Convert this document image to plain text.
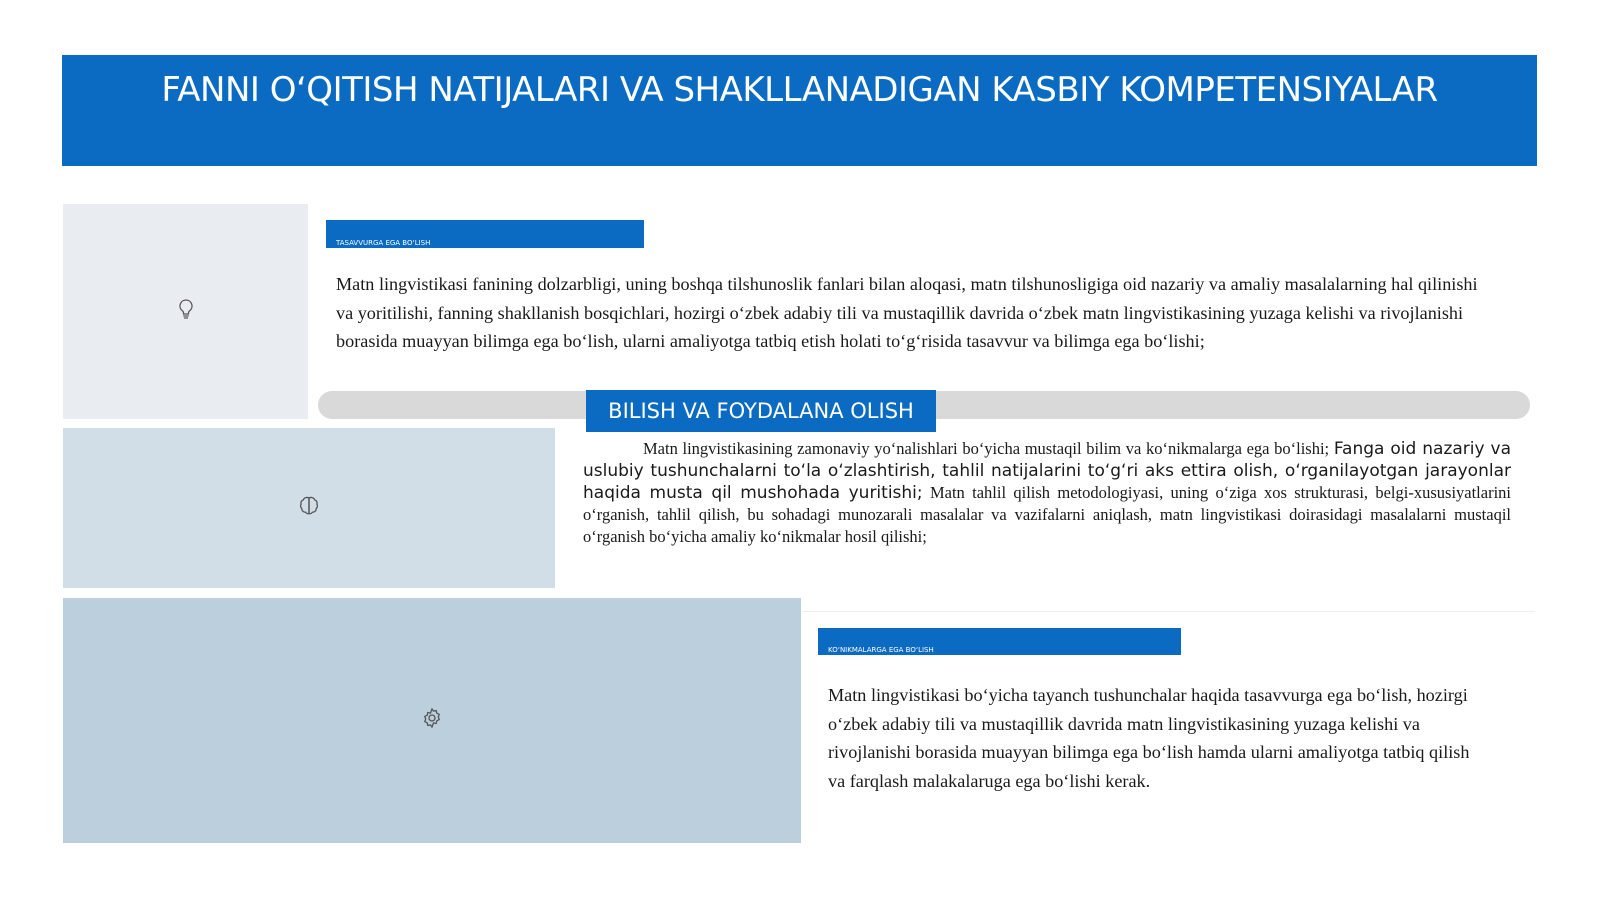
FANNI O‘QITISH NATIJALARI VA SHAKLLANADIGAN KASBIY KOMPETENSIYALAR
TASAVVURGA EGA BO‘LISH
Matn lingvistikasi fanining dolzarbligi, uning boshqa tilshunoslik fanlari bilan aloqasi, matn tilshunosligiga oid nazariy va amaliy masalalarning hal qilinishi va yoritilishi, fanning shakllanish bosqichlari, hozirgi o‘zbek adabiy tili va mustaqillik davrida o‘zbek matn lingvistikasining yuzaga kelishi va rivojlanishi borasida muayyan bilimga ega bo‘lish, ularni amaliyotga tatbiq etish holati to‘g‘risida tasavvur va bilimga ega bo‘lishi;
BILISH VA FOYDALANA OLISH
Matn lingvistikasining zamonaviy yo‘nalishlari bo‘yicha mustaqil bilim va ko‘nikmalarga ega bo‘lishi; Fanga oid nazariy va uslubiy tushunchalarni to‘la o‘zlashtirish, tahlil natijalarini to‘g‘ri aks ettira olish, o‘rganilayotgan jarayonlar haqida musta qil mushohada yuritishi; Matn tahlil qilish metodologiyasi, uning o‘ziga xos strukturasi, belgi-xususiyatlarini o‘rganish, tahlil qilish, bu sohadagi munozarali masalalar va vazifalarni aniqlash, matn lingvistikasi doirasidagi masalalarni mustaqil o‘rganish bo‘yicha amaliy ko‘nikmalar hosil qilishi;
KO‘NIKMALARGA EGA BO‘LISH
Matn lingvistikasi bo‘yicha tayanch tushunchalar haqida tasavvurga ega bo‘lish, hozirgi o‘zbek adabiy tili va mustaqillik davrida matn lingvistikasining yuzaga kelishi va rivojlanishi borasida muayyan bilimga ega bo‘lish hamda ularni amaliyotga tatbiq qilish va farqlash malakalaruga ega bo‘lishi kerak.
